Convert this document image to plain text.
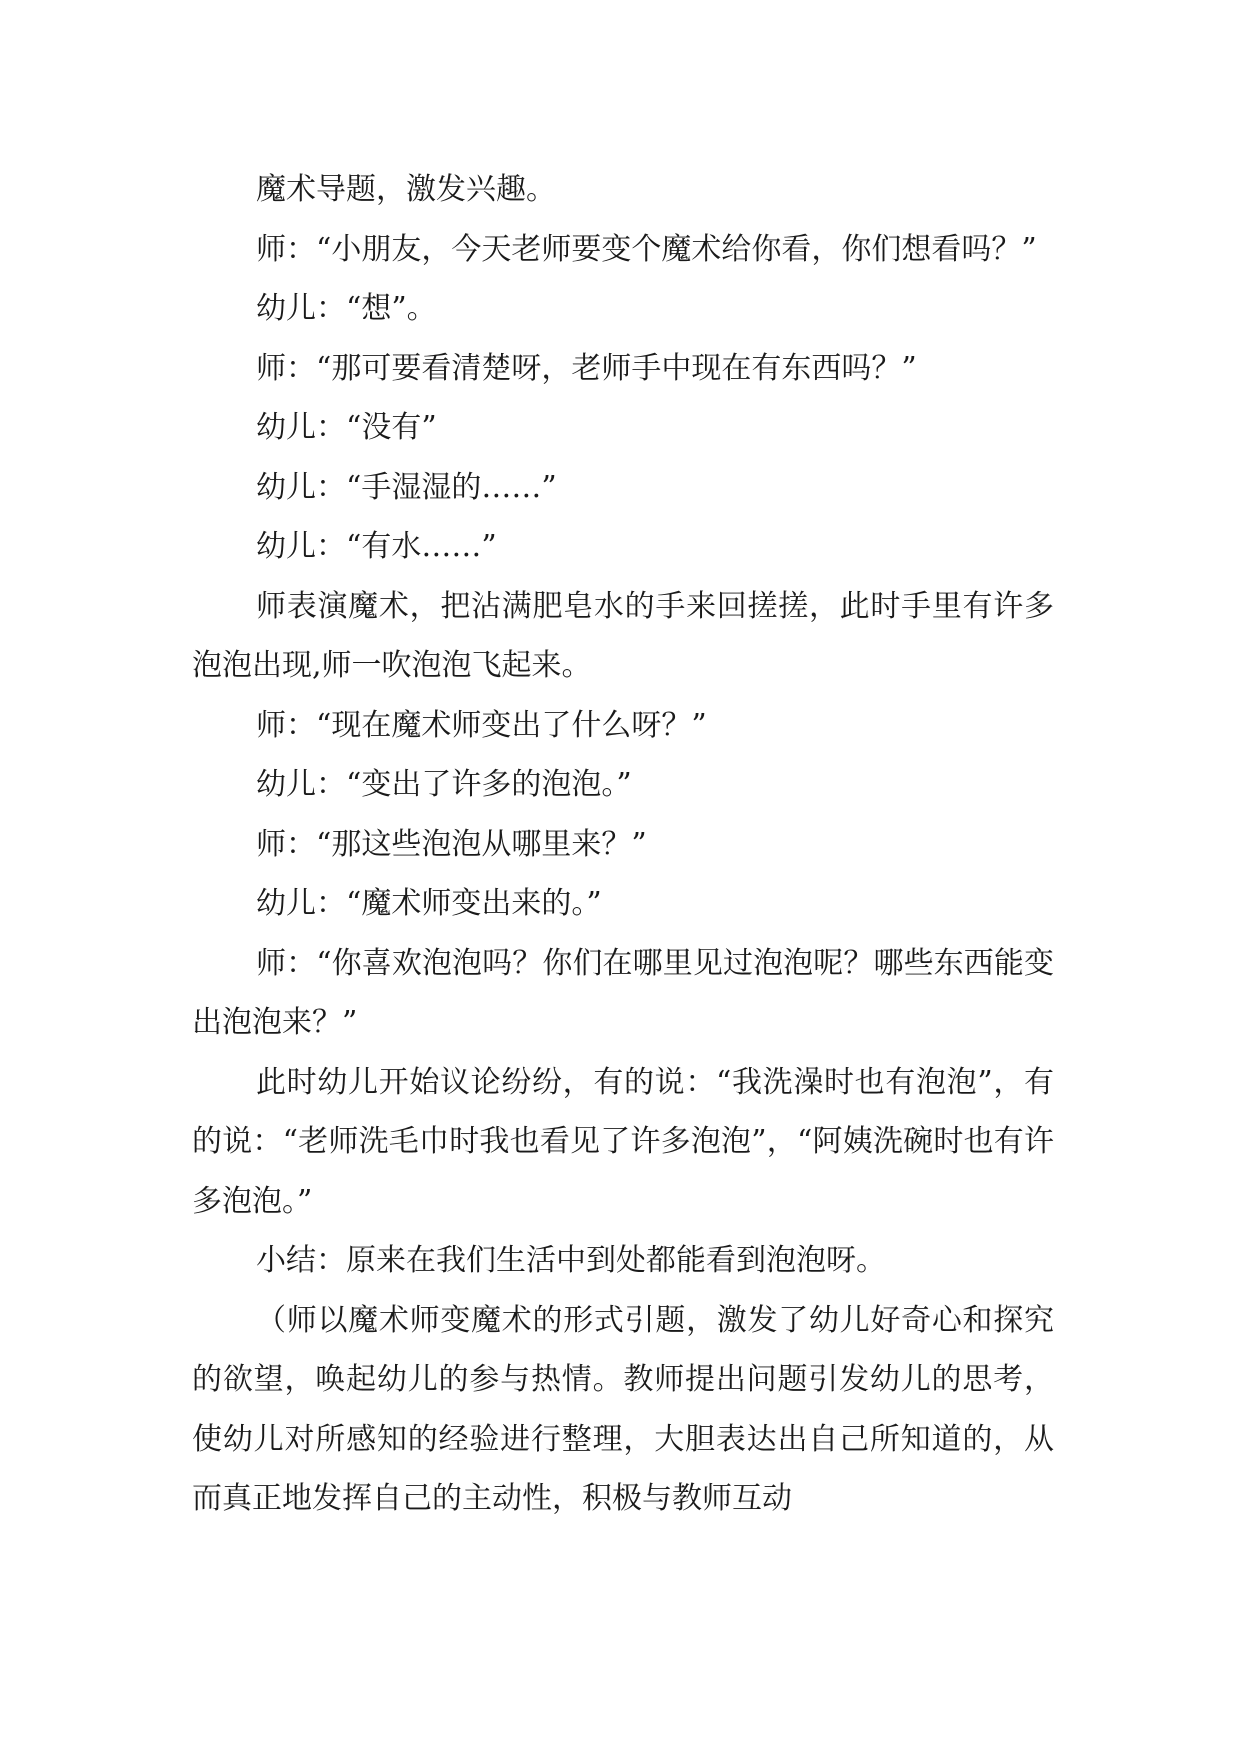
魔术导题，激发兴趣。

师：“小朋友，今天老师要变个魔术给你看，你们想看吗？”

幼儿：“想”。

师：“那可要看清楚呀，老师手中现在有东西吗？”

幼儿：“没有”

幼儿：“手湿湿的……”

幼儿：“有水……”

师表演魔术，把沾满肥皂水的手来回搓搓，此时手里有许多泡泡出现,师一吹泡泡飞起来。

师：“现在魔术师变出了什么呀？”

幼儿：“变出了许多的泡泡。”

师：“那这些泡泡从哪里来？”

幼儿：“魔术师变出来的。”

师：“你喜欢泡泡吗？你们在哪里见过泡泡呢？哪些东西能变出泡泡来？”

此时幼儿开始议论纷纷，有的说：“我洗澡时也有泡泡”，有的说：“老师洗毛巾时我也看见了许多泡泡”，“阿姨洗碗时也有许多泡泡。”

小结：原来在我们生活中到处都能看到泡泡呀。

（师以魔术师变魔术的形式引题，激发了幼儿好奇心和探究的欲望，唤起幼儿的参与热情。教师提出问题引发幼儿的思考，使幼儿对所感知的经验进行整理，大胆表达出自己所知道的，从而真正地发挥自己的主动性，积极与教师互动
